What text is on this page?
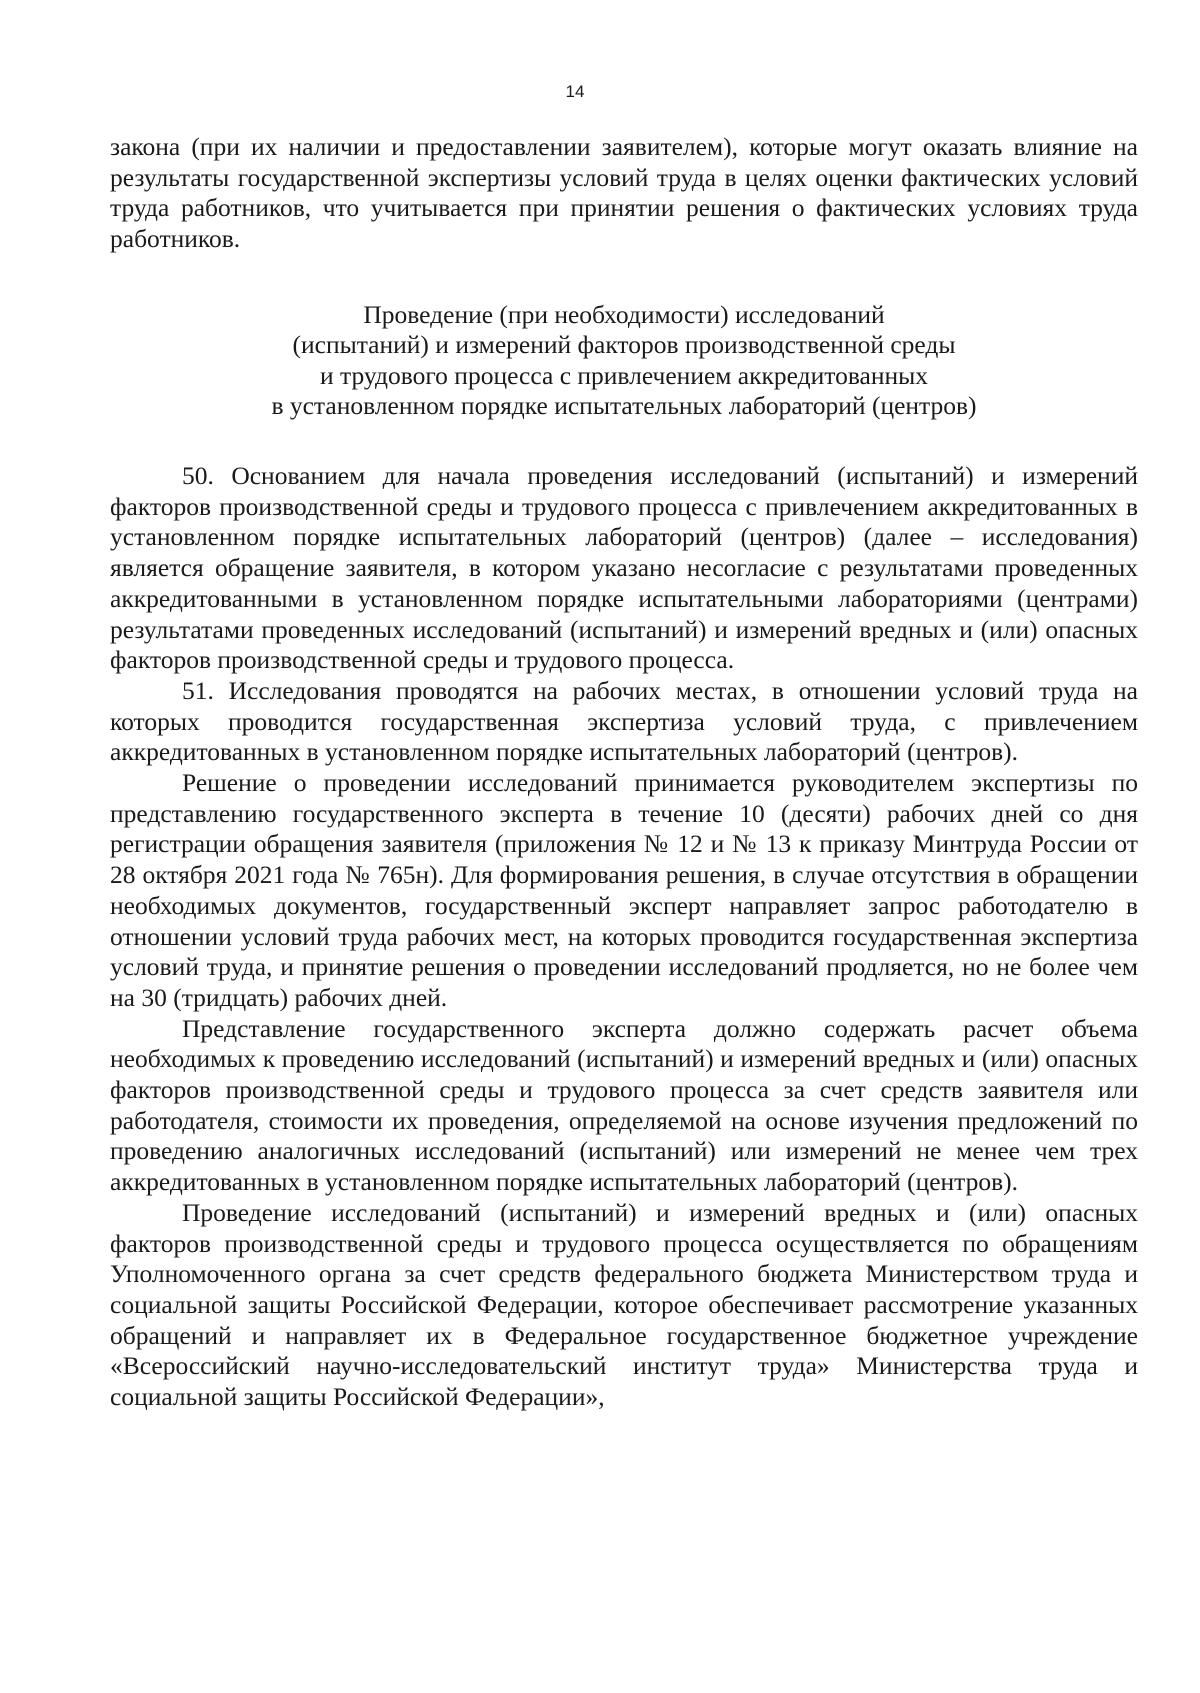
14

закона (при их наличии и предоставлении заявителем), которые могут оказать влияние на результаты государственной экспертизы условий труда в целях оценки фактических условий труда работников, что учитывается при принятии решения о фактических условиях труда работников.

Проведение (при необходимости) исследований
(испытаний) и измерений факторов производственной среды
и трудового процесса с привлечением аккредитованных
в установленном порядке испытательных лабораторий (центров)

50. Основанием для начала проведения исследований (испытаний) и измерений факторов производственной среды и трудового процесса с привлечением аккредитованных в установленном порядке испытательных лабораторий (центров) (далее – исследования) является обращение заявителя, в котором указано несогласие с результатами проведенных аккредитованными в установленном порядке испытательными лабораториями (центрами) результатами проведенных исследований (испытаний) и измерений вредных и (или) опасных факторов производственной среды и трудового процесса.

51. Исследования проводятся на рабочих местах, в отношении условий труда на которых проводится государственная экспертиза условий труда, с привлечением аккредитованных в установленном порядке испытательных лабораторий (центров).

Решение о проведении исследований принимается руководителем экспертизы по представлению государственного эксперта в течение 10 (десяти) рабочих дней со дня регистрации обращения заявителя (приложения № 12 и № 13 к приказу Минтруда России от 28 октября 2021 года № 765н). Для формирования решения, в случае отсутствия в обращении необходимых документов, государственный эксперт направляет запрос работодателю в отношении условий труда рабочих мест, на которых проводится государственная экспертиза условий труда, и принятие решения о проведении исследований продляется, но не более чем на 30 (тридцать) рабочих дней.

Представление государственного эксперта должно содержать расчет объема необходимых к проведению исследований (испытаний) и измерений вредных и (или) опасных факторов производственной среды и трудового процесса за счет средств заявителя или работодателя, стоимости их проведения, определяемой на основе изучения предложений по проведению аналогичных исследований (испытаний) или измерений не менее чем трех аккредитованных в установленном порядке испытательных лабораторий (центров).

Проведение исследований (испытаний) и измерений вредных и (или) опасных факторов производственной среды и трудового процесса осуществляется по обращениям Уполномоченного органа за счет средств федерального бюджета Министерством труда и социальной защиты Российской Федерации, которое обеспечивает рассмотрение указанных обращений и направляет их в Федеральное государственное бюджетное учреждение «Всероссийский научно-исследовательский институт труда» Министерства труда и социальной защиты Российской Федерации»,
